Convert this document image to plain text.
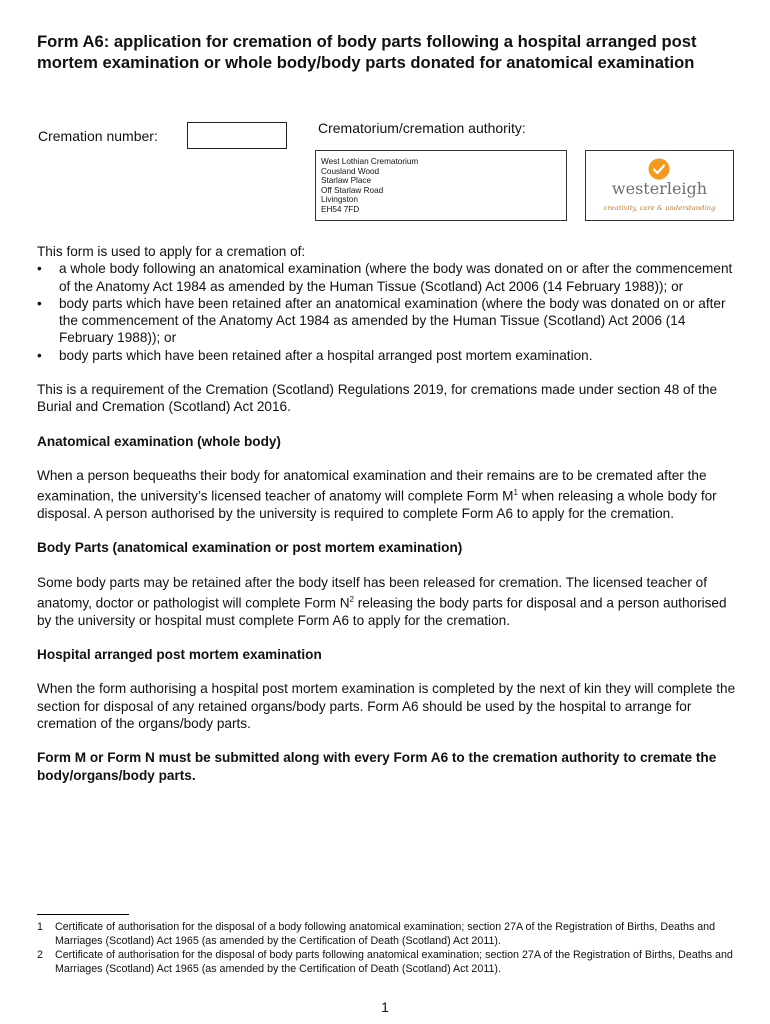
Form A6: application for cremation of body parts following a hospital arranged post mortem examination or whole body/body parts donated for anatomical examination
Cremation number:	Crematorium/cremation authority:
West Lothian Crematorium
Cousland Wood
Starlaw Place
Off Starlaw Road
Livingston
EH54 7FD
westerleigh
creativity, care & understanding

This form is used to apply for a cremation of:

• a whole body following an anatomical examination (where the body was donated on or after the commencement of the Anatomy Act 1984 as amended by the Human Tissue (Scotland) Act 2006 (14 February 1988)); or
• body parts which have been retained after an anatomical examination (where the body was donated on or after the commencement of the Anatomy Act 1984 as amended by the Human Tissue (Scotland) Act 2006 (14 February 1988)); or
• body parts which have been retained after a hospital arranged post mortem examination.

This is a requirement of the Cremation (Scotland) Regulations 2019, for cremations made under section 48 of the Burial and Cremation (Scotland) Act 2016.

Anatomical examination (whole body)

When a person bequeaths their body for anatomical examination and their remains are to be cremated after the examination, the university’s licensed teacher of anatomy will complete Form $M^1$ when releasing a whole body for disposal. A person authorised by the university is required to complete Form A6 to apply for the cremation.

Body Parts (anatomical examination or post mortem examination)

Some body parts may be retained after the body itself has been released for cremation. The licensed teacher of anatomy, doctor or pathologist will complete Form $N^2$ releasing the body parts for disposal and a person authorised by the university or hospital must complete Form A6 to apply for the cremation.

Hospital arranged post mortem examination

When the form authorising a hospital post mortem examination is completed by the next of kin they will complete the section for disposal of any retained organs/body parts. Form A6 should be used by the hospital to arrange for cremation of the organs/body parts.

Form M or Form N must be submitted along with every Form A6 to the cremation authority to cremate the body/organs/body parts.

1 Certificate of authorisation for the disposal of a body following anatomical examination; section 27A of the Registration of Births, Deaths and Marriages (Scotland) Act 1965 (as amended by the Certification of Death (Scotland) Act 2011).
2 Certificate of authorisation for the disposal of body parts following anatomical examination; section 27A of the Registration of Births, Deaths and Marriages (Scotland) Act 1965 (as amended by the Certification of Death (Scotland) Act 2011).
1
